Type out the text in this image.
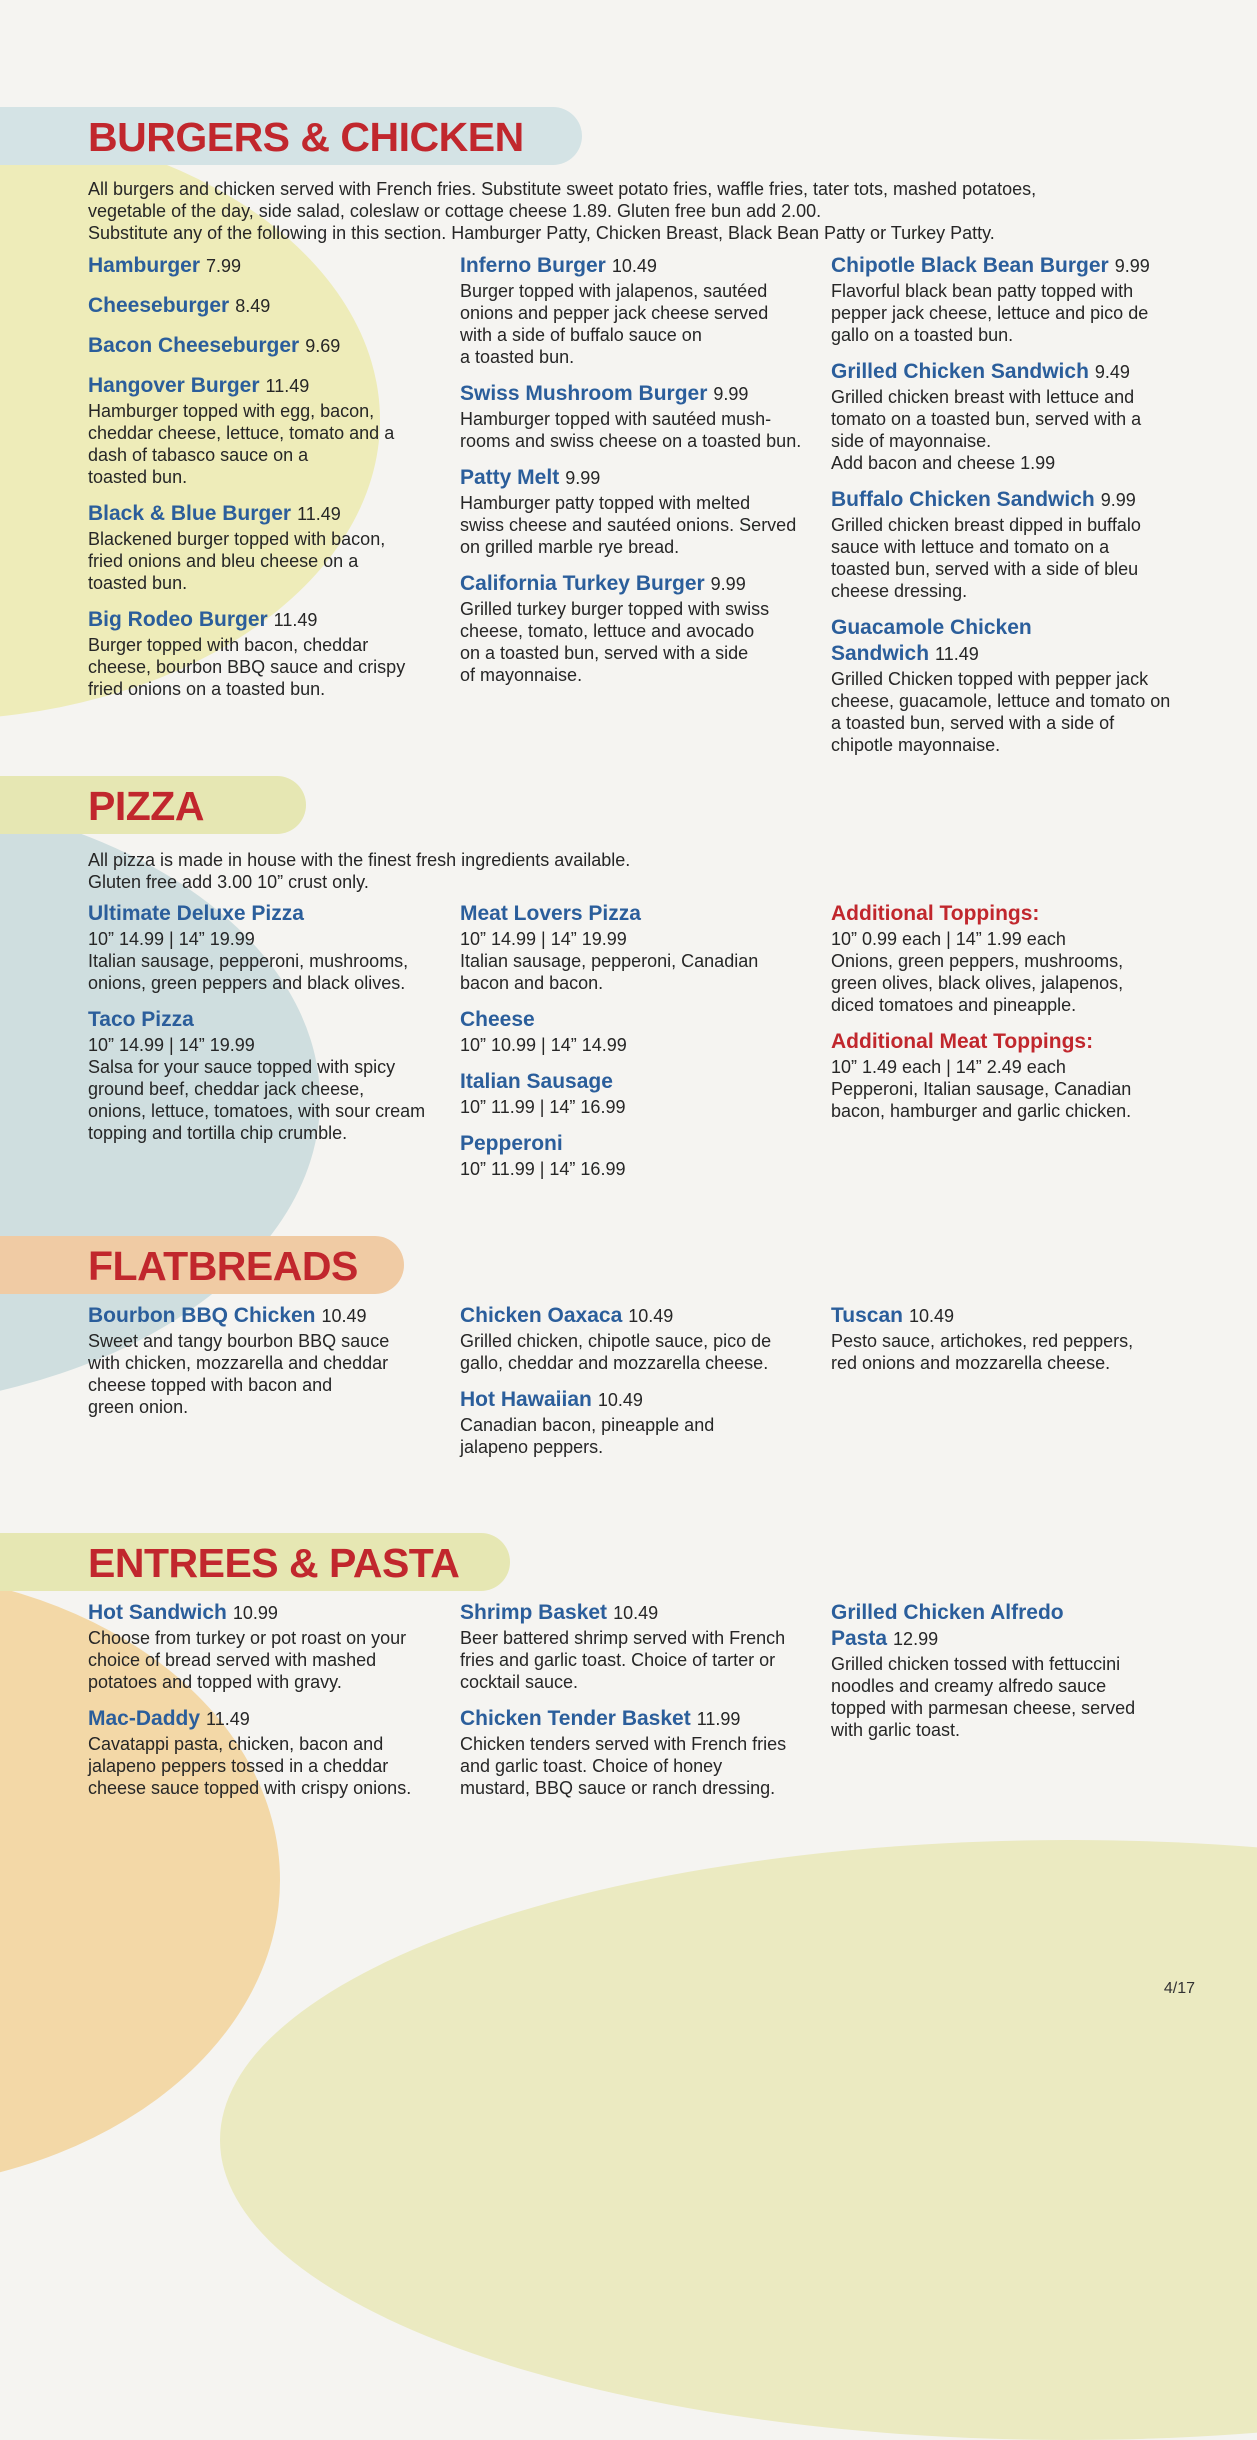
BURGERS & CHICKEN
All burgers and chicken served with French fries. Substitute sweet potato fries, waffle fries, tater tots, mashed potatoes,
vegetable of the day, side salad, coleslaw or cottage cheese 1.89. Gluten free bun add 2.00.
Substitute any of the following in this section. Hamburger Patty, Chicken Breast, Black Bean Patty or Turkey Patty.
Hamburger 7.99
Cheeseburger 8.49
Bacon Cheeseburger 9.69
Hangover Burger 11.49
Hamburger topped with egg, bacon,
cheddar cheese, lettuce, tomato and a
dash of tabasco sauce on a
toasted bun.
Black & Blue Burger 11.49
Blackened burger topped with bacon,
fried onions and bleu cheese on a
toasted bun.
Big Rodeo Burger 11.49
Burger topped with bacon, cheddar
cheese, bourbon BBQ sauce and crispy
fried onions on a toasted bun.
Inferno Burger 10.49
Burger topped with jalapenos, sautéed
onions and pepper jack cheese served
with a side of buffalo sauce on
a toasted bun.
Swiss Mushroom Burger 9.99
Hamburger topped with sautéed mush-
rooms and swiss cheese on a toasted bun.
Patty Melt 9.99
Hamburger patty topped with melted
swiss cheese and sautéed onions. Served
on grilled marble rye bread.
California Turkey Burger 9.99
Grilled turkey burger topped with swiss
cheese, tomato, lettuce and avocado
on a toasted bun, served with a side
of mayonnaise.
Chipotle Black Bean Burger 9.99
Flavorful black bean patty topped with
pepper jack cheese, lettuce and pico de
gallo on a toasted bun.
Grilled Chicken Sandwich 9.49
Grilled chicken breast with lettuce and
tomato on a toasted bun, served with a
side of mayonnaise.
Add bacon and cheese 1.99
Buffalo Chicken Sandwich 9.99
Grilled chicken breast dipped in buffalo
sauce with lettuce and tomato on a
toasted bun, served with a side of bleu
cheese dressing.
Guacamole Chicken Sandwich 11.49
Grilled Chicken topped with pepper jack
cheese, guacamole, lettuce and tomato on
a toasted bun, served with a side of
chipotle mayonnaise.
PIZZA
All pizza is made in house with the finest fresh ingredients available.
Gluten free add 3.00 10” crust only.
Ultimate Deluxe Pizza
10” 14.99 | 14” 19.99
Italian sausage, pepperoni, mushrooms,
onions, green peppers and black olives.
Taco Pizza
10” 14.99 | 14” 19.99
Salsa for your sauce topped with spicy
ground beef, cheddar jack cheese,
onions, lettuce, tomatoes, with sour cream
topping and tortilla chip crumble.
Meat Lovers Pizza
10” 14.99 | 14” 19.99
Italian sausage, pepperoni, Canadian
bacon and bacon.
Cheese
10” 10.99 | 14” 14.99
Italian Sausage
10” 11.99 | 14” 16.99
Pepperoni
10” 11.99 | 14” 16.99
Additional Toppings:
10” 0.99 each | 14” 1.99 each
Onions, green peppers, mushrooms,
green olives, black olives, jalapenos,
diced tomatoes and pineapple.
Additional Meat Toppings:
10” 1.49 each | 14” 2.49 each
Pepperoni, Italian sausage, Canadian
bacon, hamburger and garlic chicken.
FLATBREADS
Bourbon BBQ Chicken 10.49
Sweet and tangy bourbon BBQ sauce
with chicken, mozzarella and cheddar
cheese topped with bacon and
green onion.
Chicken Oaxaca 10.49
Grilled chicken, chipotle sauce, pico de
gallo, cheddar and mozzarella cheese.
Hot Hawaiian 10.49
Canadian bacon, pineapple and
jalapeno peppers.
Tuscan 10.49
Pesto sauce, artichokes, red peppers,
red onions and mozzarella cheese.
ENTREES & PASTA
Hot Sandwich 10.99
Choose from turkey or pot roast on your
choice of bread served with mashed
potatoes and topped with gravy.
Mac-Daddy 11.49
Cavatappi pasta, chicken, bacon and
jalapeno peppers tossed in a cheddar
cheese sauce topped with crispy onions.
Shrimp Basket 10.49
Beer battered shrimp served with French
fries and garlic toast. Choice of tarter or
cocktail sauce.
Chicken Tender Basket 11.99
Chicken tenders served with French fries
and garlic toast. Choice of honey
mustard, BBQ sauce or ranch dressing.
Grilled Chicken Alfredo Pasta 12.99
Grilled chicken tossed with fettuccini
noodles and creamy alfredo sauce
topped with parmesan cheese, served
with garlic toast.
4/17
